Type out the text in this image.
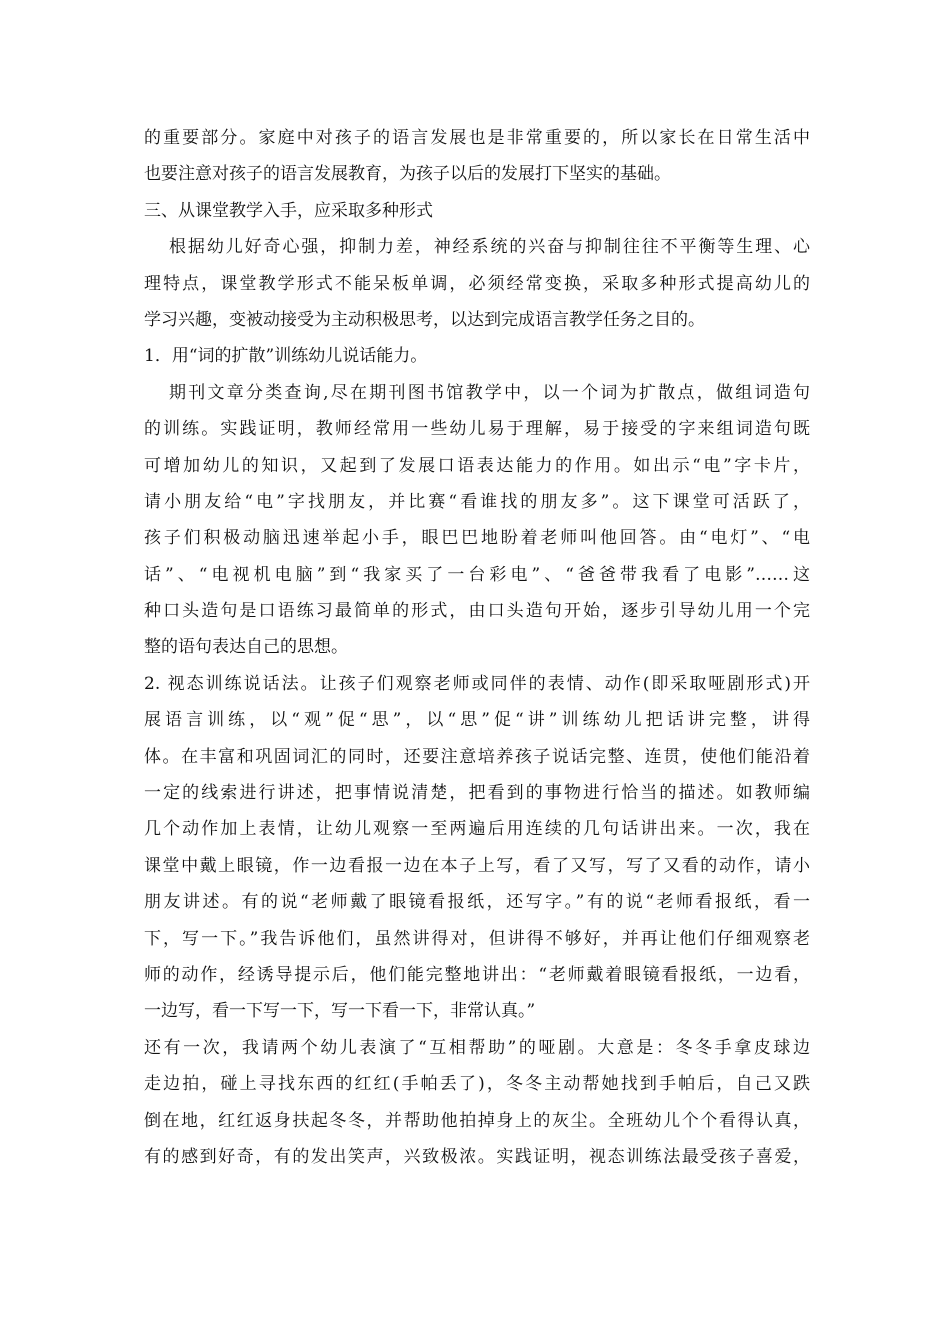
的重要部分。家庭中对孩子的语言发展也是非常重要的，所以家长在日常生活中
也要注意对孩子的语言发展教育，为孩子以后的发展打下坚实的基础。
三、从课堂教学入手，应采取多种形式
根据幼儿好奇心强，抑制力差，神经系统的兴奋与抑制往往不平衡等生理、心
理特点，课堂教学形式不能呆板单调，必须经常变换，采取多种形式提高幼儿的
学习兴趣，变被动接受为主动积极思考，以达到完成语言教学任务之目的。
1．用“词的扩散”训练幼儿说话能力。
期刊文章分类查询,尽在期刊图书馆教学中，以一个词为扩散点，做组词造句
的训练。实践证明，教师经常用一些幼儿易于理解，易于接受的字来组词造句既
可增加幼儿的知识，又起到了发展口语表达能力的作用。如出示“电”字卡片，
请小朋友给“电”字找朋友，并比赛“看谁找的朋友多”。这下课堂可活跃了，
孩子们积极动脑迅速举起小手，眼巴巴地盼着老师叫他回答。由“电灯”、“电
话”、“电视机电脑”到“我家买了一台彩电”、“爸爸带我看了电影”……这
种口头造句是口语练习最简单的形式，由口头造句开始，逐步引导幼儿用一个完
整的语句表达自己的思想。
2. 视态训练说话法。让孩子们观察老师或同伴的表情、动作(即采取哑剧形式)开
展语言训练，以“观”促“思”，以“思”促“讲”训练幼儿把话讲完整，讲得
体。在丰富和巩固词汇的同时，还要注意培养孩子说话完整、连贯，使他们能沿着
一定的线索进行讲述，把事情说清楚，把看到的事物进行恰当的描述。如教师编
几个动作加上表情，让幼儿观察一至两遍后用连续的几句话讲出来。一次，我在
课堂中戴上眼镜，作一边看报一边在本子上写，看了又写，写了又看的动作，请小
朋友讲述。有的说“老师戴了眼镜看报纸，还写字。”有的说“老师看报纸，看一
下，写一下。”我告诉他们，虽然讲得对，但讲得不够好，并再让他们仔细观察老
师的动作，经诱导提示后，他们能完整地讲出：“老师戴着眼镜看报纸，一边看，
一边写，看一下写一下，写一下看一下，非常认真。”
还有一次，我请两个幼儿表演了“互相帮助”的哑剧。大意是：冬冬手拿皮球边
走边拍，碰上寻找东西的红红(手帕丢了)，冬冬主动帮她找到手帕后，自己又跌
倒在地，红红返身扶起冬冬，并帮助他拍掉身上的灰尘。全班幼儿个个看得认真，
有的感到好奇，有的发出笑声，兴致极浓。实践证明，视态训练法最受孩子喜爱，
